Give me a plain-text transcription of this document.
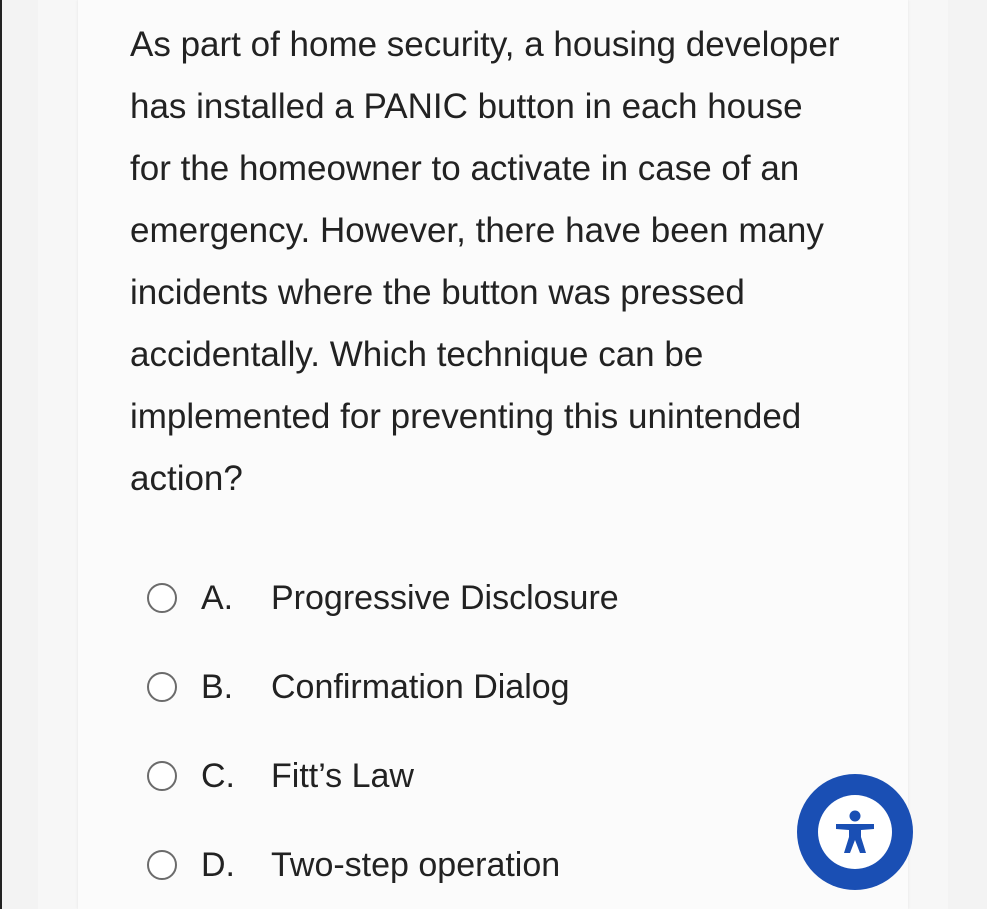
As part of home security, a housing developer has installed a PANIC button in each house for the homeowner to activate in case of an emergency. However, there have been many incidents where the button was pressed accidentally. Which technique can be implemented for preventing this unintended action?

A.	Progressive Disclosure
B.	Confirmation Dialog
C.	Fitt’s Law
D.	Two-step operation
